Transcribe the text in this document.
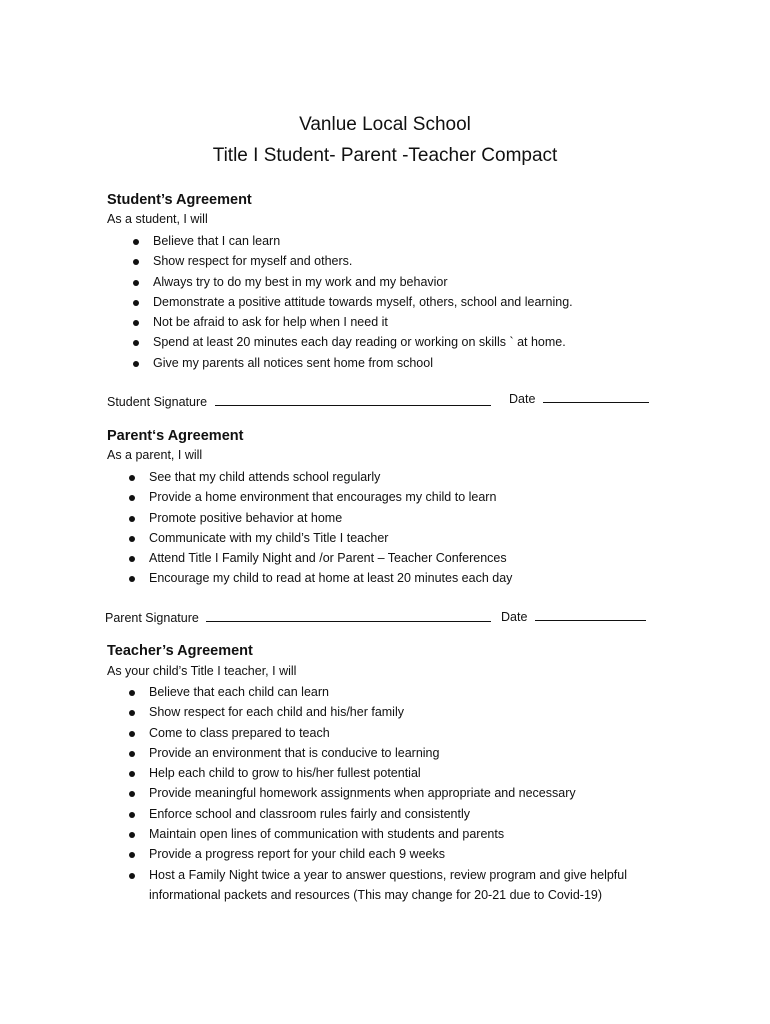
Vanlue Local School
Title I Student- Parent -Teacher Compact
Student’s Agreement
As a student, I will
Believe that I can learn
Show respect for myself and others.
Always try to do my best in my work and my behavior
Demonstrate a positive attitude towards myself, others, school and learning.
Not be afraid to ask for help when I need it
Spend at least 20 minutes each day reading or working on skills ` at home.
Give my parents all notices sent home from school
Student Signature	Date
Parent‘s Agreement
As a parent, I will
See that my child attends school regularly
Provide a home environment that encourages my child to learn
Promote positive behavior at home
Communicate with my child’s Title I teacher
Attend Title I Family Night and /or Parent – Teacher Conferences
Encourage my child to read at home at least 20 minutes each day
Parent Signature	Date
Teacher’s Agreement
As your child’s Title I teacher, I will
Believe that each child can learn
Show respect for each child and his/her family
Come to class prepared to teach
Provide an environment that is conducive to learning
Help each child to grow to his/her fullest potential
Provide meaningful homework assignments when appropriate and necessary
Enforce school and classroom rules fairly and consistently
Maintain open lines of communication with students and parents
Provide a progress report for your child each 9 weeks
Host a Family Night twice a year to answer questions, review program and give helpful informational packets and resources (This may change for 20-21 due to Covid-19)
